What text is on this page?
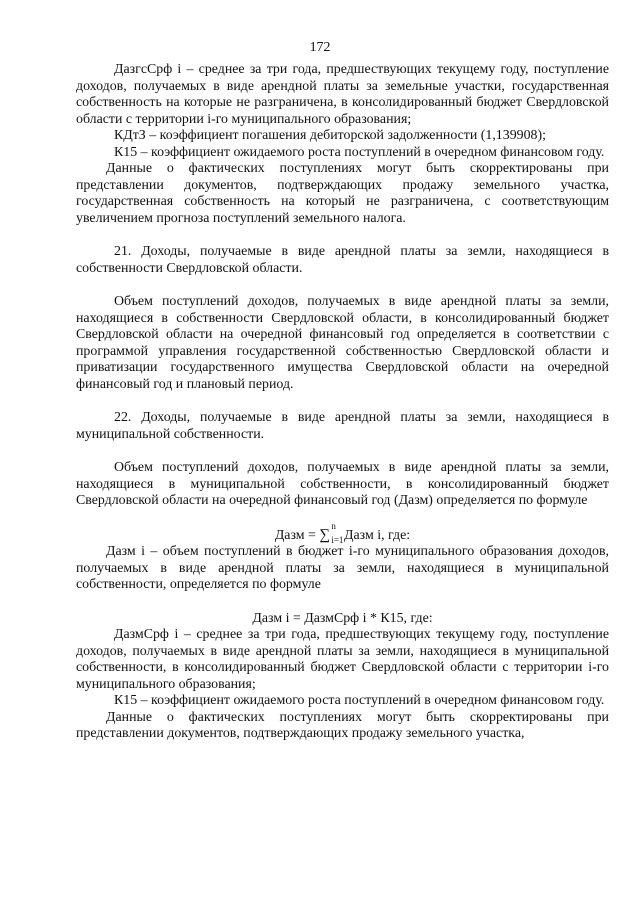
172

ДазгсСрф i – среднее за три года, предшествующих текущему году, поступление доходов, получаемых в виде арендной платы за земельные участки, государственная собственность на которые не разграничена, в консолидированный бюджет Свердловской области с территории i-го муниципального образования;

КДтЗ – коэффициент погашения дебиторской задолженности (1,139908);

К15 – коэффициент ожидаемого роста поступлений в очередном финансовом году.

Данные о фактических поступлениях могут быть скорректированы при представлении документов, подтверждающих продажу земельного участка, государственная собственность на который не разграничена, с соответствующим увеличением прогноза поступлений земельного налога.

21. Доходы, получаемые в виде арендной платы за земли, находящиеся в собственности Свердловской области.

Объем поступлений доходов, получаемых в виде арендной платы за земли, находящиеся в собственности Свердловской области, в консолидированный бюджет Свердловской области на очередной финансовый год определяется в соответствии с программой управления государственной собственностью Свердловской области и приватизации государственного имущества Свердловской области на очередной финансовый год и плановый период.

22. Доходы, получаемые в виде арендной платы за земли, находящиеся в муниципальной собственности.

Объем поступлений доходов, получаемых в виде арендной платы за земли, находящиеся в муниципальной собственности, в консолидированный бюджет Свердловской области на очередной финансовый год (Дазм) определяется по формуле

Дазм = ∑
n
i=1 Дазм i, где:

Дазм i – объем поступлений в бюджет i-го муниципального образования доходов, получаемых в виде арендной платы за земли, находящиеся в муниципальной собственности, определяется по формуле

Дазм i = ДазмСрф i * К15, где:

ДазмСрф i – среднее за три года, предшествующих текущему году, поступление доходов, получаемых в виде арендной платы за земли, находящиеся в муниципальной собственности, в консолидированный бюджет Свердловской области с территории i-го муниципального образования;

К15 – коэффициент ожидаемого роста поступлений в очередном финансовом году.

Данные о фактических поступлениях могут быть скорректированы при представлении документов, подтверждающих продажу земельного участка,
